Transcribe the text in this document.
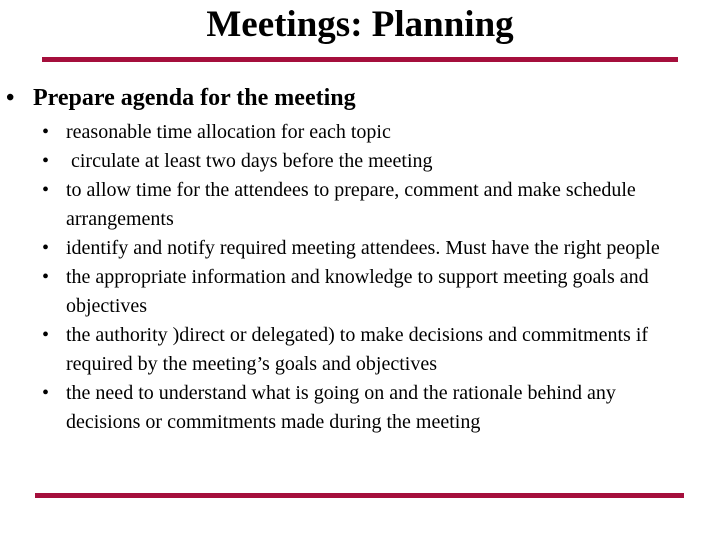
Meetings: Planning
• Prepare agenda for the meeting
• reasonable time allocation for each topic
• circulate at least two days before the meeting
• to allow time for the attendees to prepare, comment and make schedule arrangements
• identify and notify required meeting attendees. Must have the right people
• the appropriate information and knowledge to support meeting goals and objectives
• the authority )direct or delegated) to make decisions and commitments if required by the meeting’s goals and objectives
• the need to understand what is going on and the rationale behind any decisions or commitments made during the meeting
